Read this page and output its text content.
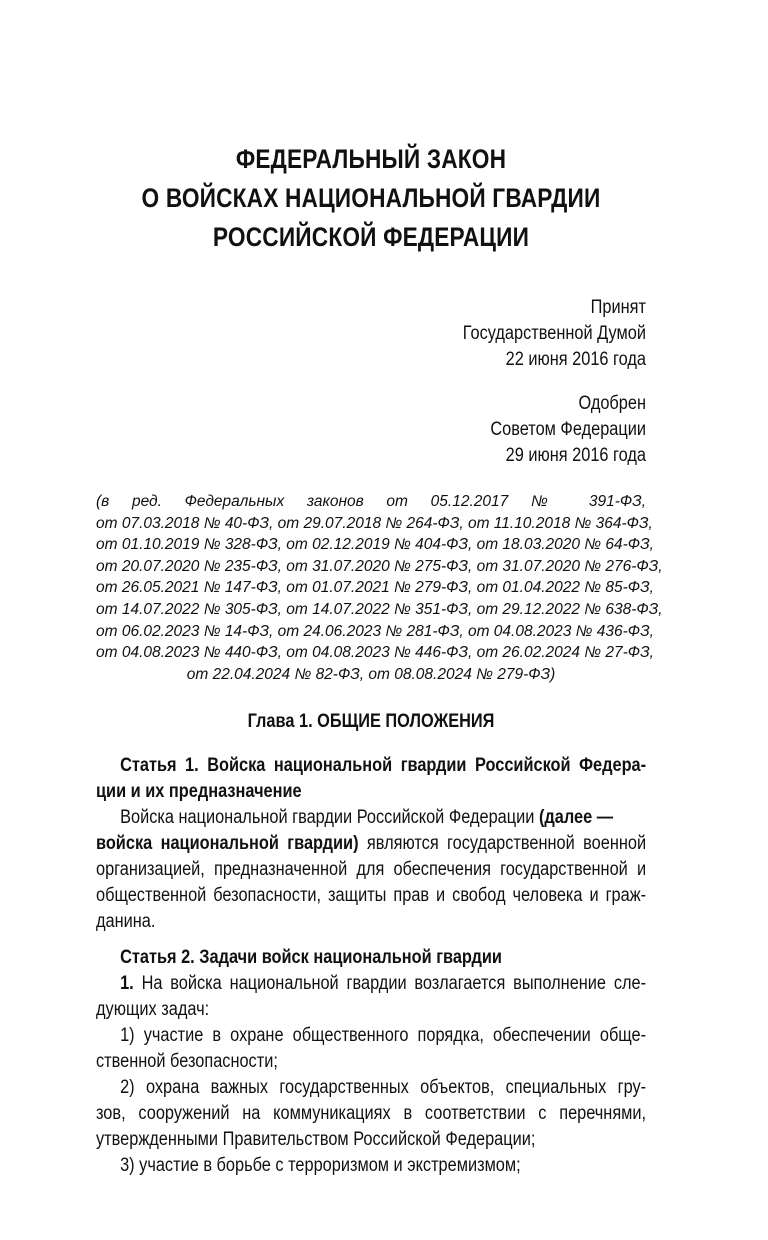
ФЕДЕРАЛЬНЫЙ ЗАКОН
О ВОЙСКАХ НАЦИОНАЛЬНОЙ ГВАРДИИ
РОССИЙСКОЙ ФЕДЕРАЦИИ
Принят
Государственной Думой
22 июня 2016 года
Одобрен
Советом Федерации
29 июня 2016 года
(в ред. Федеральных законов от 05.12.2017 № 391-ФЗ,
от 07.03.2018 № 40-ФЗ, от 29.07.2018 № 264-ФЗ, от 11.10.2018 № 364-ФЗ,
от 01.10.2019 № 328-ФЗ, от 02.12.2019 № 404-ФЗ, от 18.03.2020 № 64-ФЗ,
от 20.07.2020 № 235-ФЗ, от 31.07.2020 № 275-ФЗ, от 31.07.2020 № 276-ФЗ,
от 26.05.2021 № 147-ФЗ, от 01.07.2021 № 279-ФЗ, от 01.04.2022 № 85-ФЗ,
от 14.07.2022 № 305-ФЗ, от 14.07.2022 № 351-ФЗ, от 29.12.2022 № 638-ФЗ,
от 06.02.2023 № 14-ФЗ, от 24.06.2023 № 281-ФЗ, от 04.08.2023 № 436-ФЗ,
от 04.08.2023 № 440-ФЗ, от 04.08.2023 № 446-ФЗ, от 26.02.2024 № 27-ФЗ,
от 22.04.2024 № 82-ФЗ, от 08.08.2024 № 279-ФЗ)
Глава 1. ОБЩИЕ ПОЛОЖЕНИЯ
Статья 1. Войска национальной гвардии Российской Федера-
ции и их предназначение
Войска национальной гвардии Российской Федерации (далее —
войска национальной гвардии) являются государственной военной
организацией, предназначенной для обеспечения государственной и
общественной безопасности, защиты прав и свобод человека и граж-
данина.
Статья 2. Задачи войск национальной гвардии
1. На войска национальной гвардии возлагается выполнение сле-
дующих задач:
1) участие в охране общественного порядка, обеспечении обще-
ственной безопасности;
2) охрана важных государственных объектов, специальных гру-
зов, сооружений на коммуникациях в соответствии с перечнями,
утвержденными Правительством Российской Федерации;
3) участие в борьбе с терроризмом и экстремизмом;
